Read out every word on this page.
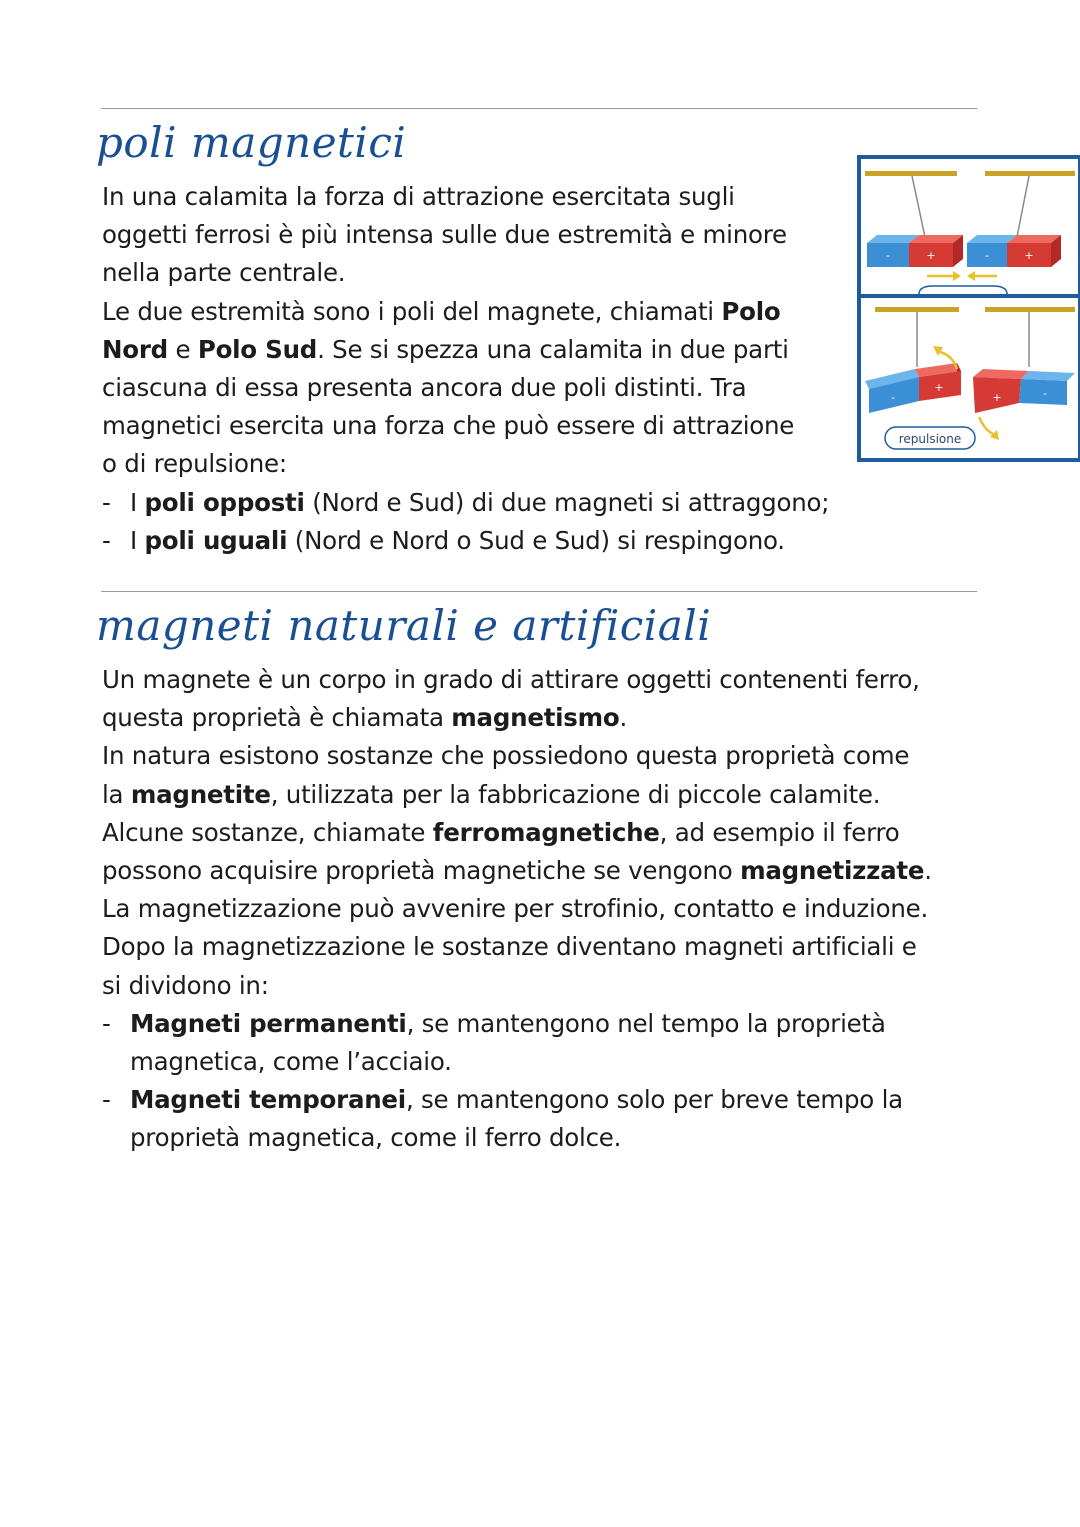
poli magnetici

In una calamita la forza di attrazione esercitata sugli

oggetti ferrosi è più intensa sulle due estremità e minore

nella parte centrale.

Le due estremità sono i poli del magnete, chiamati Polo

Nord e Polo Sud. Se si spezza una calamita in due parti

ciascuna di essa presenta ancora due poli distinti. Tra

magnetici esercita una forza che può essere di attrazione

o di repulsione:

- I poli opposti (Nord e Sud) di due magneti si attraggono;

- I poli uguali (Nord e Nord o Sud e Sud) si respingono.

-	+	-	+
-
+
+	-
repulsione
magneti naturali e artificiali

Un magnete è un corpo in grado di attirare oggetti contenenti ferro,

questa proprietà è chiamata magnetismo.

In natura esistono sostanze che possiedono questa proprietà come

la magnetite, utilizzata per la fabbricazione di piccole calamite.

Alcune sostanze, chiamate ferromagnetiche, ad esempio il ferro

possono acquisire proprietà magnetiche se vengono magnetizzate.

La magnetizzazione può avvenire per strofinio, contatto e induzione.

Dopo la magnetizzazione le sostanze diventano magneti artificiali e

si dividono in:

- Magneti permanenti, se mantengono nel tempo la proprietà

magnetica, come l’acciaio.

- Magneti temporanei, se mantengono solo per breve tempo la

proprietà magnetica, come il ferro dolce.
